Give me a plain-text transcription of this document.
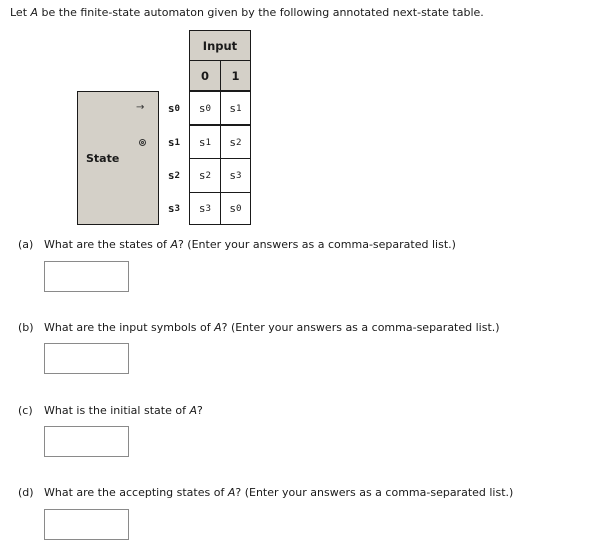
Let A be the finite-state automaton given by the following annotated next-state table.
State
Input
0	1
→ s 0 s 0 s 1
s 1 s 1 s 2
s 2 s 2 s 3
s 3 s 3 s 0
(a) What are the states of A? (Enter your answers as a comma-separated list.)
(b) What are the input symbols of A? (Enter your answers as a comma-separated list.)
(c) What is the initial state of A?
(d) What are the accepting states of A? (Enter your answers as a comma-separated list.)
